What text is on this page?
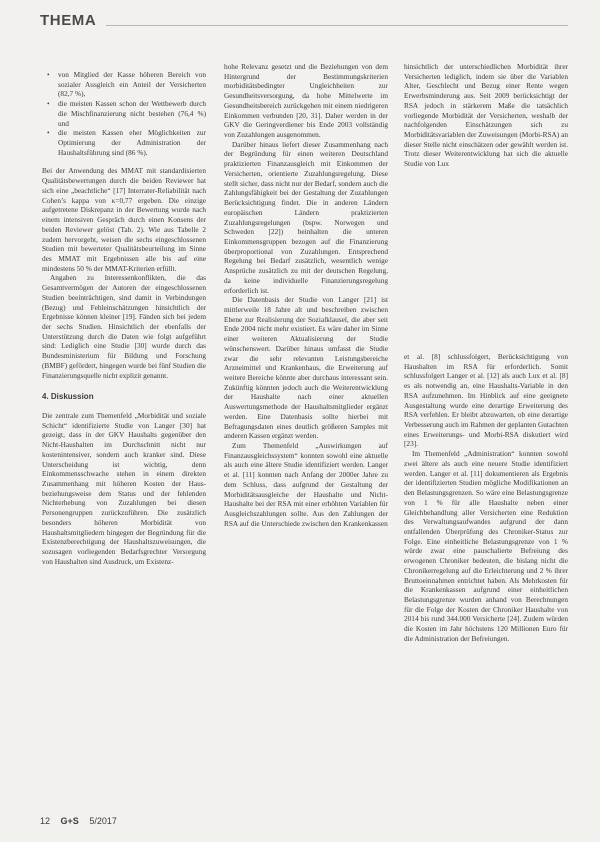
THEMA
• von Mitglied der Kasse höheren Bereich von sozialer Ausgleich ein Anteil der Versicherten (82,7 %),
• die meisten Kassen schon der Wettbewerb durch die Mischfinanzierung nicht bestehen (76,4 %) und
• die meisten Kassen eher Möglichkeiten zur Optimierung der Administration der Haushaltsführung sind (86 %).

Bei der Anwendung des MMAT mit standardisierten Qualitätsbewertungen durch die beiden Reviewer hat sich eine „beachtliche“ [17] Interrater-Reliabilität nach Cohen’s kappa von κ=0,77 ergeben. Die einzige aufgetretene Diskrepanz in der Bewertung wurde nach einem intensiven Gespräch durch einen Konsens der beiden Reviewer gelöst (Tab. 2). Wie aus Tabelle 2 zudem hervorgeht, weisen die sechs eingeschlossenen Studien mit bewerteter Qualitätsbeurteilung im Sinne des MMAT mit Ergebnissen alle bis auf eine mindestens 50 % der MMAT-Kriterien erfüllt.

Angaben zu Interessenkonflikten, die das Gesamtvermögen der Autoren der eingeschlossenen Studien beeinträchtigen, sind damit in Verbindungen (Bezug) und Fehleinschätzungen hinsichtlich der Ergebnisse können kleiner [19]. Fänden sich bei jedem der sechs Studien. Hinsichtlich der ebenfalls der Unterstützung durch die Daten wie folgt aufgeführt sind: Lediglich eine Studie [30] wurde durch das Bundesministerium für Bildung und Forschung (BMBF) gefördert, hingegen wurde bei fünf Studien die Finanzierungsquelle nicht explizit genannt.

4. Diskussion

Die zentrale zum Themenfeld „Morbidität und soziale Schicht“ identifizierte Studie von Langer [30] hat gezeigt, dass in der GKV Haushalts gegenüber den Nicht-Haushalten im Durchschnitt nicht nur kostenintensiver, sondern auch kranker sind. Diese Unterscheidung ist wichtig, denn Einkommensschwache stehen in einem direkten Zusammenhang mit höheren Kosten der Haus- beziehungsweise dem Status und der fehlenden Nichterhebung von Zuzahlungen bei diesen Personengruppen zurückzuführen. Die zusätzlich besonders höheren Morbidität von Haushaltsmitgliedern hingegen der Begründung für die Existenzberechtigung der Haushaltszuweisungen, die sozusagen vorliegenden Bedarfsgrechter Versorgung von Haushalten sind Ausdruck, um Existenz-

hohe Relevanz gesetzt und die Beziehungen von dem Hintergrund der Bestimmungskriterien morbiditätsbedingter Ungleichheiten zur Gesundheitsversorgung, da hohe Mittelwerte im Gesundheitsbereich zurückgehen mit einem niedrigeren Einkommen verbunden [20, 31]. Daher werden in der GKV die Geringverdiener bis Ende 2003 vollständig von Zuzahlungen ausgenommen.

Darüber hinaus liefert dieser Zusammenhang nach der Begründung für einen weiteren Deutschland praktizierten Finanzausgleich mit Einkommen der Versicherten, orientierte Zuzahlungsregelung. Diese stellt sicher, dass nicht nur der Bedarf, sondern auch die Zahlungsfähigkeit bei der Gestaltung der Zuzahlungen Berücksichtigung findet. Die in anderen Ländern europäischen Ländern praktizierten Zuzahlungsregelungen (bspw. Norwegen und Schweden [22]) beinhalten die unteren Einkommensgruppen bezogen auf die Finanzierung überproportional von Zuzahlungen. Entsprechend Regelung bei Bedarf zusätzlich, wesentlich wenige Ansprüche zusätzlich zu mit der deutschen Regelung, da keine individuelle Finanzierungsregelung erforderlich ist.

Die Datenbasis der Studie von Langer [21] ist mittlerweile 18 Jahre alt und beschreiben zwischen Ebene zur Realisierung der Sozialklausel, die aber seit Ende 2004 nicht mehr existiert. Es wäre daher im Sinne einer weiteren Aktualisierung der Studie wünschenswert. Darüber hinaus umfasst die Studie zwar die sehr relevanten Leistungsbereiche Arzneimittel und Krankenhaus, die Erweiterung auf weitere Bereiche könnte aber durchaus interessant sein. Zukünftig könnten jedoch auch die Weiterentwicklung der Haushalte nach einer aktuellen Auswertungsmethode der Haushaltsmitglieder ergänzt werden. Eine Datenbasis sollte hierbei mit Befragungsdaten eines deutlich größeren Samples mit anderen Kassen ergänzt werden.

Zum Themenfeld „Auswirkungen auf Finanzausgleichssystem“ konnten sowohl eine aktuelle als auch eine ältere Studie identifiziert werden. Langer et al. [11] konnten nach Anfang der 2000er Jahre zu dem Schluss, dass aufgrund der Gestaltung der Morbiditätsausgleiche der Haushalte und Nicht-Haushalte bei der RSA mit einer erhöhten Variablen für Ausgleichszahlungen sollte. Aus den Zahlungen der RSA auf die Unterschiede zwischen den Krankenkassen

hinsichtlich der unterschiedlichen Morbidität ihrer Versicherten lediglich, indem sie über die Variablen Alter, Geschlecht und Bezug einer Rente wegen Erwerbsminderung aus. Seit 2009 berücksichtigt der RSA jedoch in stärkerem Maße die tatsächlich vorliegende Morbidität der Versicherten, weshalb der nachfolgenden Einschätzungen sich zu Morbiditätsvariablen der Zuweisungen (Morbi-RSA) an dieser Stelle nicht einschätzen oder gewählt werden ist. Trotz dieser Weiterentwicklung hat sich die aktuelle Studie von Lux

et al. [8] schlussfolgert, Berücksichtigung von Haushalten im RSA für erforderlich. Somit schlussfolgert Langer et al. [12] als auch Lux et al. [8] es als notwendig an, eine Haushalts-Variable in den RSA aufzunehmen. Im Hinblick auf eine geeignete Ausgestaltung wurde eine derartige Erweiterung des RSA verfehlen. Er bleibt abzuwarten, ob eine derartige Verbesserung auch im Rahmen der geplanten Gutachten eines Erweiterungs- und Morbi-RSA diskutiert wird [23].

Im Themenfeld „Administration“ konnten sowohl zwei ältere als auch eine neuere Studie identifiziert werden. Langer et al. [11] dokumentieren als Ergebnis der identifizierten Studien mögliche Modifikationen an den Belastungsgrenzen. So wäre eine Belastungsgrenze von 1 % für alle Haushalte neben einer Gleichbehandlung aller Versicherten eine Reduktion des Verwaltungsaufwandes aufgrund der dann entfallenden Überprüfung des Chroniker-Status zur Folge. Eine einheitliche Belastungsgrenze von 1 % würde zwar eine pauschalierte Befreiung des erwogenen Chroniker bedeuten, die bislang nicht die Chronikerregelung auf die Erleichterung und 2 % ihrer Bruttoeinnahmen entrichtet haben. Als Mehrkosten für die Krankenkassen aufgrund einer einheitlichen Belastungsgrenze wurden anhand von Berechnungen für die Folge der Kosten der Chroniker Haushalte von 2014 bis rund 344.000 Versicherte [24]. Zudem würden die Kosten im Jahr höchstens 120 Millionen Euro für die Administration der Befreiungen.

12 G+S 5/2017
